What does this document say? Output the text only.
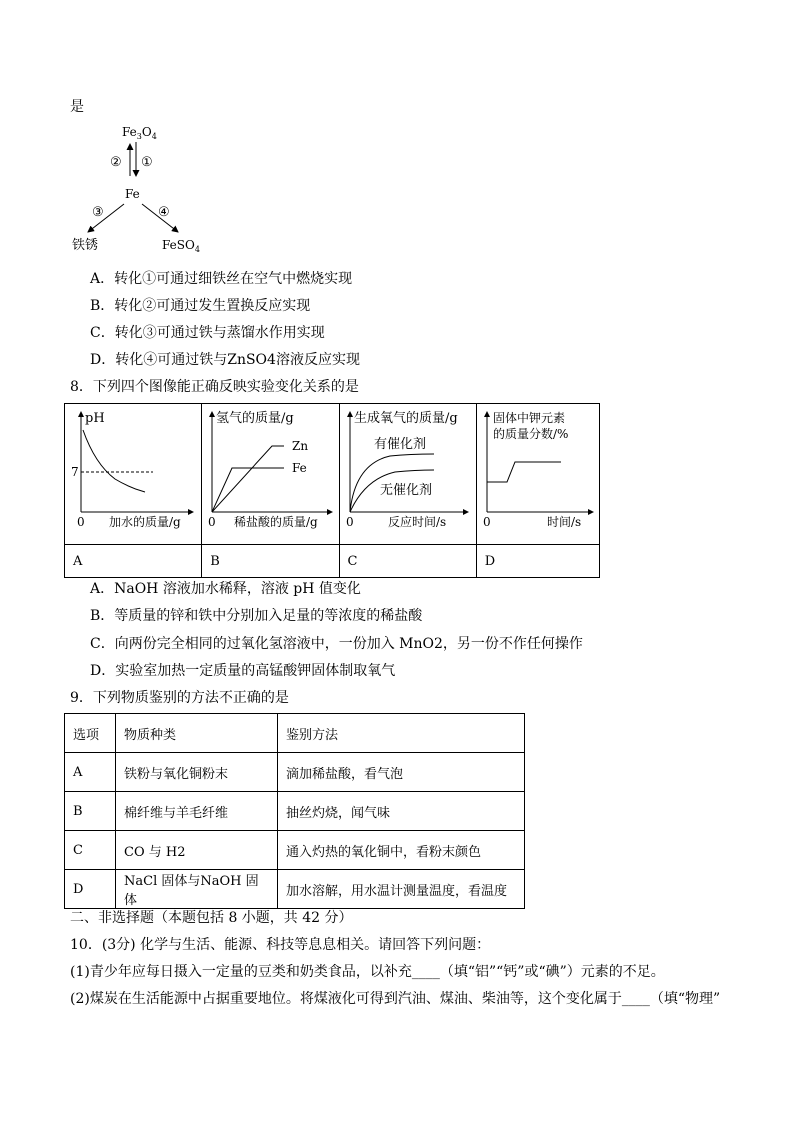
是
$Fe_3O_4$
② ①
Fe
③	④
铁锈	FeSO$_4$
A．转化①可通过细铁丝在空气中燃烧实现
B．转化②可通过发生置换反应实现
C．转化③可通过铁与蒸馏水作用实现
D．转化④可通过铁与ZnSO4溶液反应实现
8．下列四个图像能正确反映实验变化关系的是
pH
7
0 加水的质量/g	氢气的质量/g
Zn
Fe
0 稀盐酸的质量/g	生成氧气的质量/g
有催化剂
无催化剂
0 反应时间/s	固体中钾元素
的质量分数/%
0 时间/s

A	B	C	D
A．NaOH 溶液加水稀释，溶液 pH 值变化
B．等质量的锌和铁中分别加入足量的等浓度的稀盐酸
C．向两份完全相同的过氧化氢溶液中，一份加入 MnO2，另一份不作任何操作
D．实验室加热一定质量的高锰酸钾固体制取氧气
9．下列物质鉴别的方法不正确的是
选项	物质种类	鉴别方法
A	铁粉与氧化铜粉末	滴加稀盐酸，看气泡
B	棉纤维与羊毛纤维	抽丝灼烧，闻气味
C	CO 与 H2	通入灼热的氧化铜中，看粉末颜色
D	NaCl 固体与NaOH 固体	加水溶解，用水温计测量温度，看温度
二、非选择题（本题包括 8 小题，共 42 分）
10．(3分) 化学与生活、能源、科技等息息相关。请回答下列问题：
(1)青少年应每日摄入一定量的豆类和奶类食品，以补充____（填“铝”“钙”或“碘”）元素的不足。
(2)煤炭在生活能源中占据重要地位。将煤液化可得到汽油、煤油、柴油等，这个变化属于____（填“物理”
